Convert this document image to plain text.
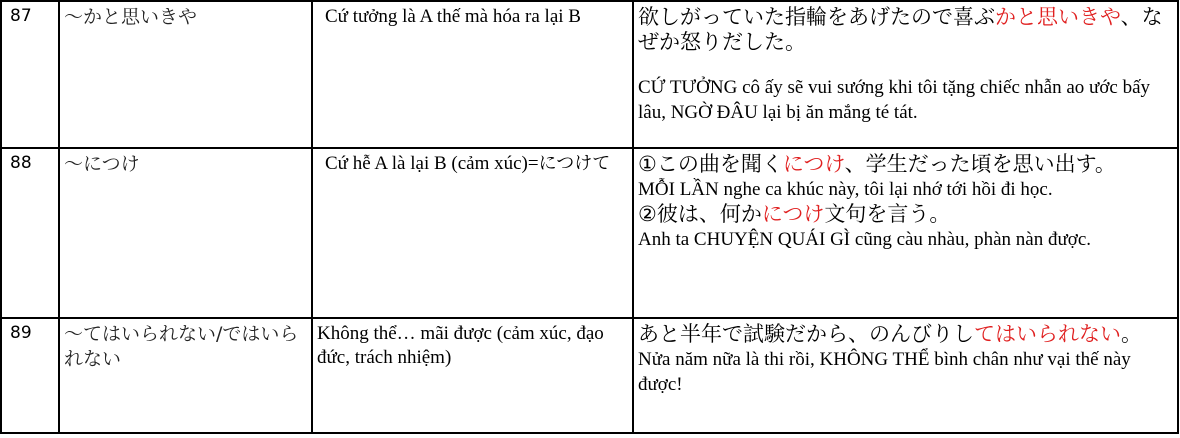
87	〜かと思いきや	Cứ tưởng là A thế mà hóa ra lại B	欲しがっていた指輪をあげたので喜ぶかと思いきや、なぜか怒りだした。
CỨ TƯỞNG cô ấy sẽ vui sướng khi tôi tặng chiếc nhẫn ao ước bấy lâu, NGỜ ĐÂU lại bị ăn mắng té tát.

88	〜につけ	Cứ hễ A là lại B (cảm xúc)=につけて	①この曲を聞くにつけ、学生だった頃を思い出す。
MỖI LẦN nghe ca khúc này, tôi lại nhớ tới hồi đi học.
②彼は、何かにつけ文句を言う。
Anh ta CHUYỆN QUÁI GÌ cũng càu nhàu, phàn nàn được.

89	〜てはいられない/ではいられない	Không thể… mãi được (cảm xúc, đạo đức, trách nhiệm)	あと半年で試験だから、のんびりしてはいられない。
Nửa năm nữa là thi rồi, KHÔNG THỂ bình chân như vại thế này được!
